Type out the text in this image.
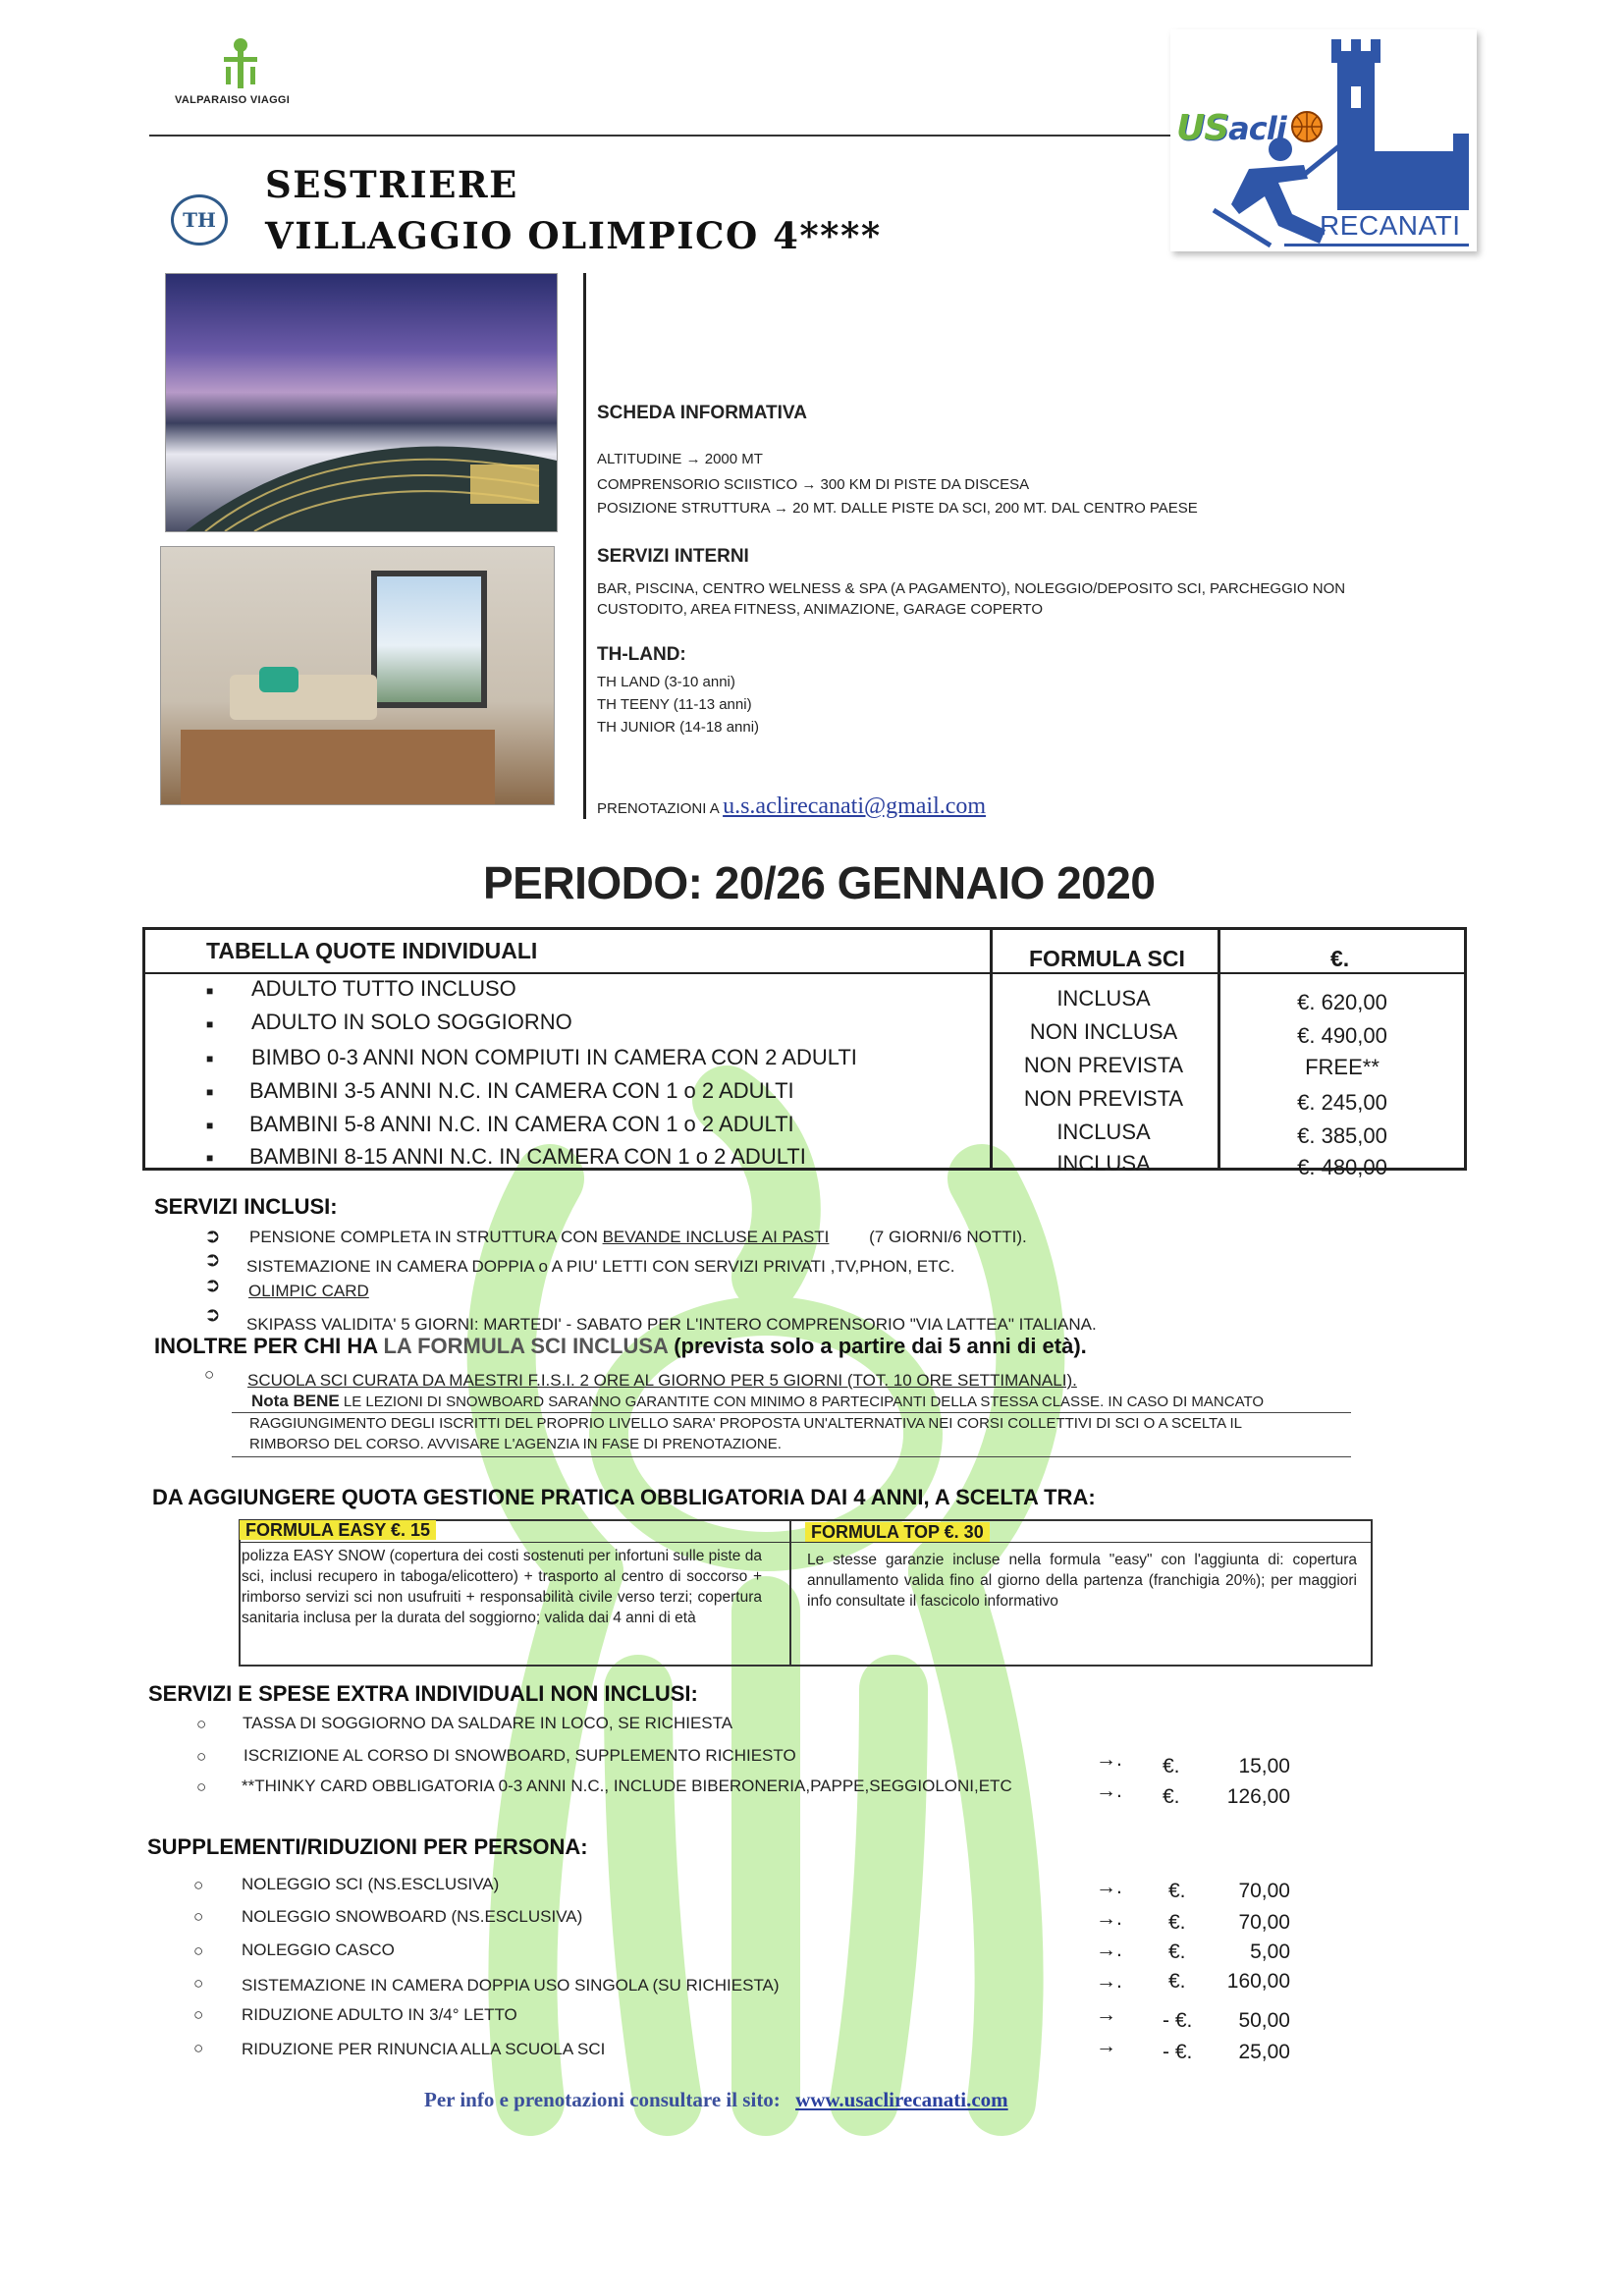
VALPARAISO VIAGGI
USacli
RECANATI
TH
SESTRIERE
VILLAGGIO OLIMPICO 4****
SCHEDA INFORMATIVA
ALTITUDINE → 2000 MT
COMPRENSORIO SCIISTICO → 300 KM DI PISTE DA DISCESA
POSIZIONE STRUTTURA → 20 MT. DALLE PISTE DA SCI, 200 MT. DAL CENTRO PAESE
SERVIZI INTERNI
BAR, PISCINA, CENTRO WELNESS & SPA (A PAGAMENTO), NOLEGGIO/DEPOSITO SCI, PARCHEGGIO NON
CUSTODITO, AREA FITNESS, ANIMAZIONE, GARAGE COPERTO
TH-LAND:
TH LAND (3-10 anni)
TH TEENY (11-13 anni)
TH JUNIOR (14-18 anni)
PRENOTAZIONI A u.s.aclirecanati@gmail.com
PERIODO: 20/26 GENNAIO 2020
TABELLA QUOTE INDIVIDUALI	FORMULA SCI	€.
■ ADULTO TUTTO INCLUSO	INCLUSA	€. 620,00
■ ADULTO IN SOLO SOGGIORNO	NON INCLUSA	€. 490,00
■ BIMBO 0-3 ANNI NON COMPIUTI IN CAMERA CON 2 ADULTI	NON PREVISTA	FREE**
■ BAMBINI 3-5 ANNI N.C. IN CAMERA CON 1 o 2 ADULTI	NON PREVISTA	€. 245,00
■ BAMBINI 5-8 ANNI N.C. IN CAMERA CON 1 o 2 ADULTI	INCLUSA	€. 385,00
■ BAMBINI 8-15 ANNI N.C. IN CAMERA CON 1 o 2 ADULTI	INCLUSA	€. 480,00
SERVIZI INCLUSI:
➲ PENSIONE COMPLETA IN STRUTTURA CON BEVANDE INCLUSE AI PASTI (7 GIORNI/6 NOTTI).
➲ SISTEMAZIONE IN CAMERA DOPPIA o A PIU' LETTI CON SERVIZI PRIVATI ,TV,PHON, ETC.
➲ OLIMPIC CARD
➲ SKIPASS VALIDITA' 5 GIORNI: MARTEDI' - SABATO PER L'INTERO COMPRENSORIO "VIA LATTEA" ITALIANA.
INOLTRE PER CHI HA LA FORMULA SCI INCLUSA (prevista solo a partire dai 5 anni di età).
○ SCUOLA SCI CURATA DA MAESTRI F.I.S.I. 2 ORE AL GIORNO PER 5 GIORNI (TOT. 10 ORE SETTIMANALI).
Nota BENE LE LEZIONI DI SNOWBOARD SARANNO GARANTITE CON MINIMO 8 PARTECIPANTI DELLA STESSA CLASSE. IN CASO DI MANCATO
RAGGIUNGIMENTO DEGLI ISCRITTI DEL PROPRIO LIVELLO SARA' PROPOSTA UN'ALTERNATIVA NEI CORSI COLLETTIVI DI SCI O A SCELTA IL
RIMBORSO DEL CORSO. AVVISARE L'AGENZIA IN FASE DI PRENOTAZIONE.
DA AGGIUNGERE QUOTA GESTIONE PRATICA OBBLIGATORIA DAI 4 ANNI, A SCELTA TRA:
FORMULA EASY €. 15	FORMULA TOP €. 30
polizza EASY SNOW (copertura dei costi sostenuti per infortuni sulle piste da sci, inclusi recupero in taboga/elicottero) + trasporto al centro di soccorso + rimborso servizi sci non usufruiti + responsabilità civile verso terzi; copertura sanitaria inclusa per la durata del soggiorno; valida dai 4 anni di età
Le stesse garanzie incluse nella formula "easy" con l'aggiunta di: copertura annullamento valida fino al giorno della partenza (franchigia 20%); per maggiori info consultate il fascicolo informativo
SERVIZI E SPESE EXTRA INDIVIDUALI NON INCLUSI:
○ TASSA DI SOGGIORNO DA SALDARE IN LOCO, SE RICHIESTA
○ ISCRIZIONE AL CORSO DI SNOWBOARD, SUPPLEMENTO RICHIESTO	→. €.	15,00
○ **THINKY CARD OBBLIGATORIA 0-3 ANNI N.C., INCLUDE BIBERONERIA,PAPPE,SEGGIOLONI,ETC	→. €.	126,00
SUPPLEMENTI/RIDUZIONI PER PERSONA:
○ NOLEGGIO SCI (NS.ESCLUSIVA)	→. €.	70,00
○ NOLEGGIO SNOWBOARD (NS.ESCLUSIVA)	→. €.	70,00
○ NOLEGGIO CASCO	→. €.	5,00
○ SISTEMAZIONE IN CAMERA DOPPIA USO SINGOLA (SU RICHIESTA)	→. €.	160,00
○ RIDUZIONE ADULTO IN 3/4° LETTO	→ - €.	50,00
○ RIDUZIONE PER RINUNCIA ALLA SCUOLA SCI	→ - €.	25,00
Per info e prenotazioni consultare il sito: www.usaclirecanati.com
